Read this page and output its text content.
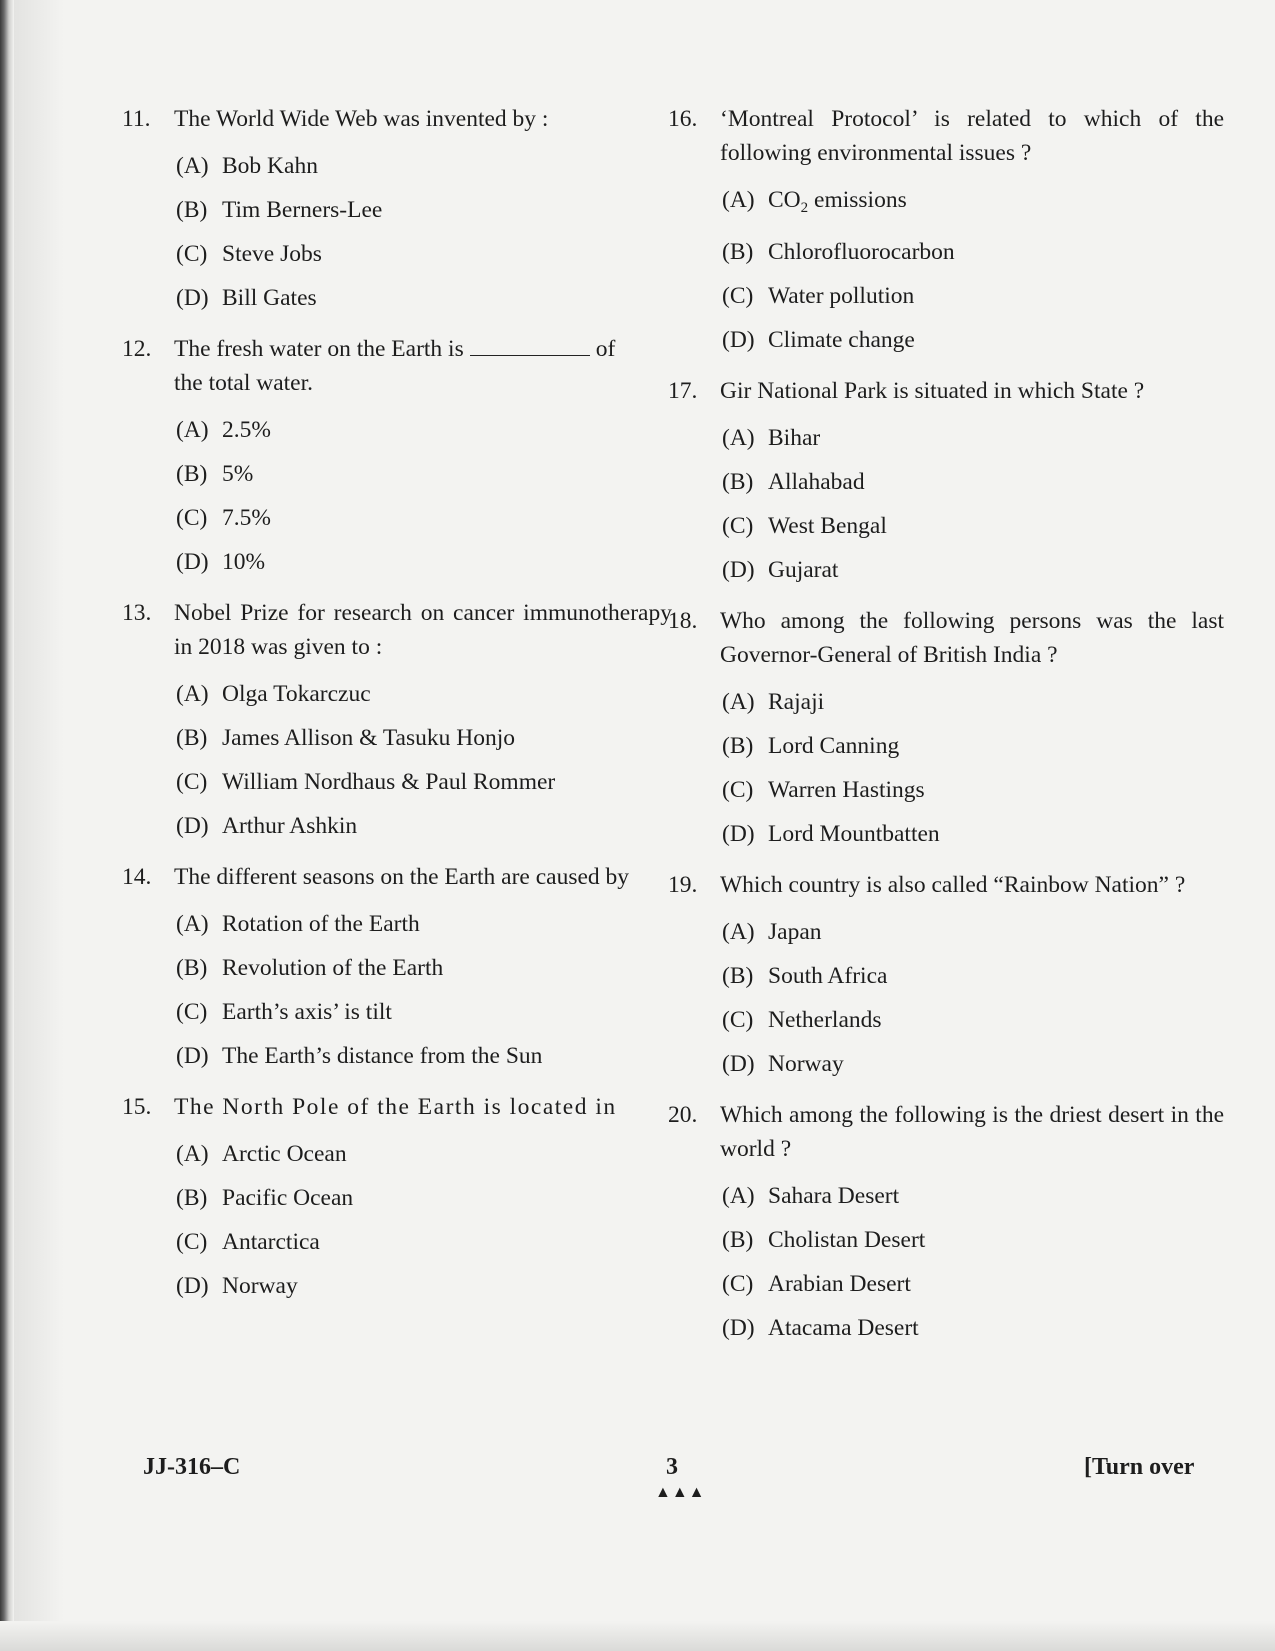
11. The World Wide Web was invented by :
(A) Bob Kahn
(B) Tim Berners-Lee
(C) Steve Jobs
(D) Bill Gates
12. The fresh water on the Earth is	of
the total water.
(A) 2.5%
(B) 5%
(C) 7.5%
(D) 10%
13. Nobel Prize for research on cancer immunotherapy in 2018 was given to :
(A) Olga Tokarczuc
(B) James Allison & Tasuku Honjo
(C) William Nordhaus & Paul Rommer
(D) Arthur Ashkin
14. The different seasons on the Earth are caused by
(A) Rotation of the Earth
(B) Revolution of the Earth
(C) Earth’s axis’ is tilt
(D) The Earth’s distance from the Sun
15. The North Pole of the Earth is located in
(A) Arctic Ocean
(B) Pacific Ocean
(C) Antarctica
(D) Norway
16. ‘Montreal Protocol’ is related to which of the following environmental issues ?
(A) $CO_2$ emissions
(B) Chlorofluorocarbon
(C) Water pollution
(D) Climate change
17. Gir National Park is situated in which State ?
(A) Bihar
(B) Allahabad
(C) West Bengal
(D) Gujarat
18. Who among the following persons was the last Governor-General of British India ?
(A) Rajaji
(B) Lord Canning
(C) Warren Hastings
(D) Lord Mountbatten
19. Which country is also called “Rainbow Nation” ?
(A) Japan
(B) South Africa
(C) Netherlands
(D) Norway
20. Which among the following is the driest desert in the world ?
(A) Sahara Desert
(B) Cholistan Desert
(C) Arabian Desert
(D) Atacama Desert
JJ-316–C	3
▲▲▲
[Turn over
